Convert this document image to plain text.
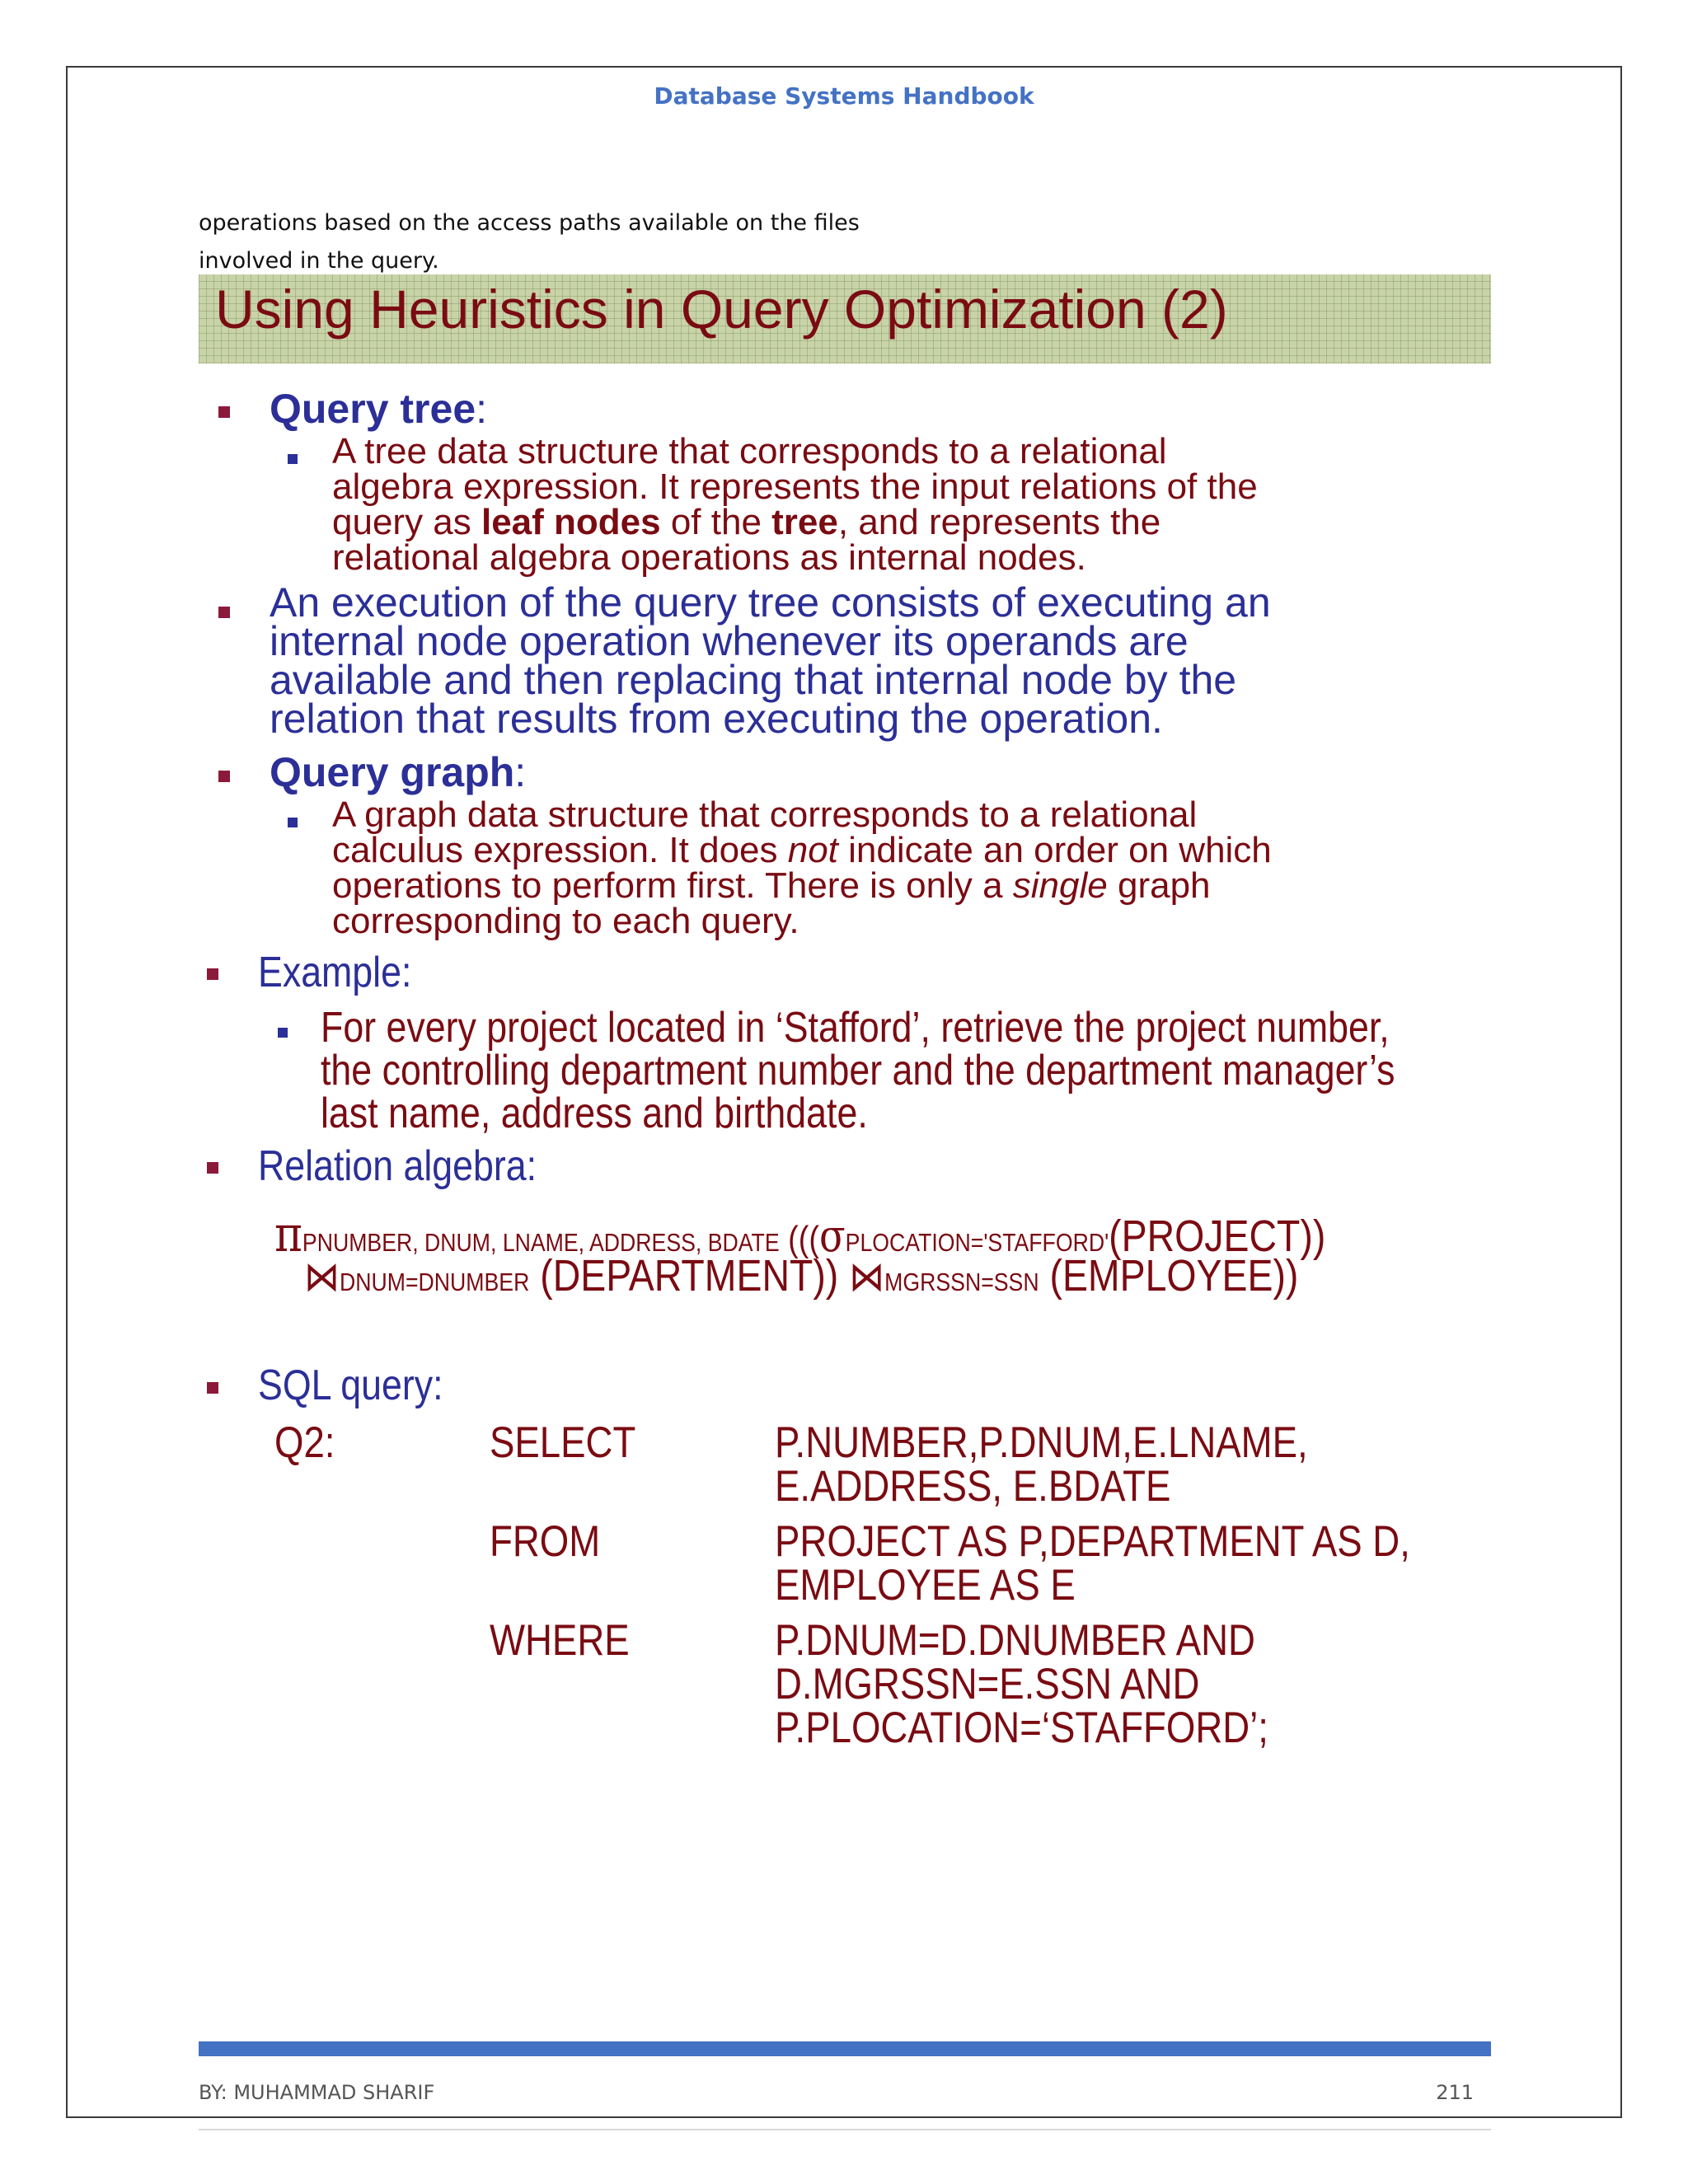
Database Systems Handbook
operations based on the access paths available on the files
involved in the query.
Using Heuristics in Query Optimization (2)
Query tree:
A tree data structure that corresponds to a relational
algebra expression. It represents the input relations of the
query as leaf nodes of the tree, and represents the
relational algebra operations as internal nodes.
An execution of the query tree consists of executing an
internal node operation whenever its operands are
available and then replacing that internal node by the
relation that results from executing the operation.
Query graph:
A graph data structure that corresponds to a relational
calculus expression. It does not indicate an order on which
operations to perform first. There is only a single graph
corresponding to each query.
Example:
For every project located in ‘Stafford’, retrieve the project number,
the controlling department number and the department manager’s
last name, address and birthdate.
Relation algebra:
πPNUMBER, DNUM, LNAME, ADDRESS, BDATE (((σPLOCATION='STAFFORD'(PROJECT))
⋈DNUM=DNUMBER (DEPARTMENT)) ⋈MGRSSN=SSN (EMPLOYEE))
SQL query:
Q2:	SELECT	P.NUMBER,P.DNUM,E.LNAME,
E.ADDRESS, E.BDATE
FROM	PROJECT AS P,DEPARTMENT AS D,
EMPLOYEE AS E
WHERE	P.DNUM=D.DNUMBER AND
D.MGRSSN=E.SSN AND
P.PLOCATION=‘STAFFORD’;
BY: MUHAMMAD SHARIF	211
